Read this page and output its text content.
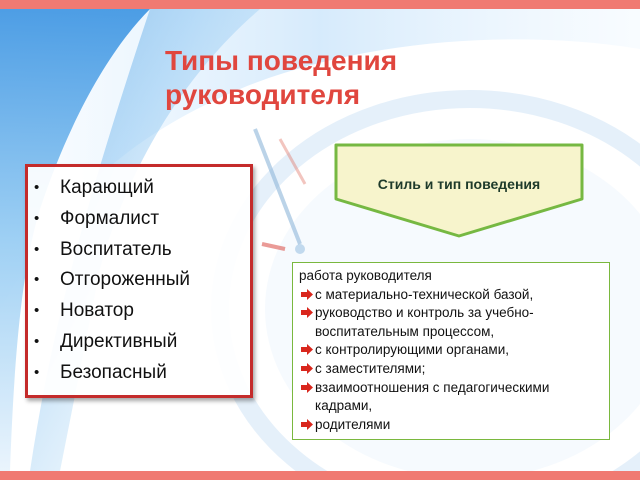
Типы поведения
руководителя
• Карающий
• Формалист
• Воспитатель
• Отгороженный
• Новатор
• Директивный
• Безопасный
Стиль и тип поведения
работа руководителя
с материально-технической базой,
руководство и контроль за учебно-воспитательным процессом,
с контролирующими органами,
с заместителями;
взаимоотношения с педагогическими кадрами,
родителями
